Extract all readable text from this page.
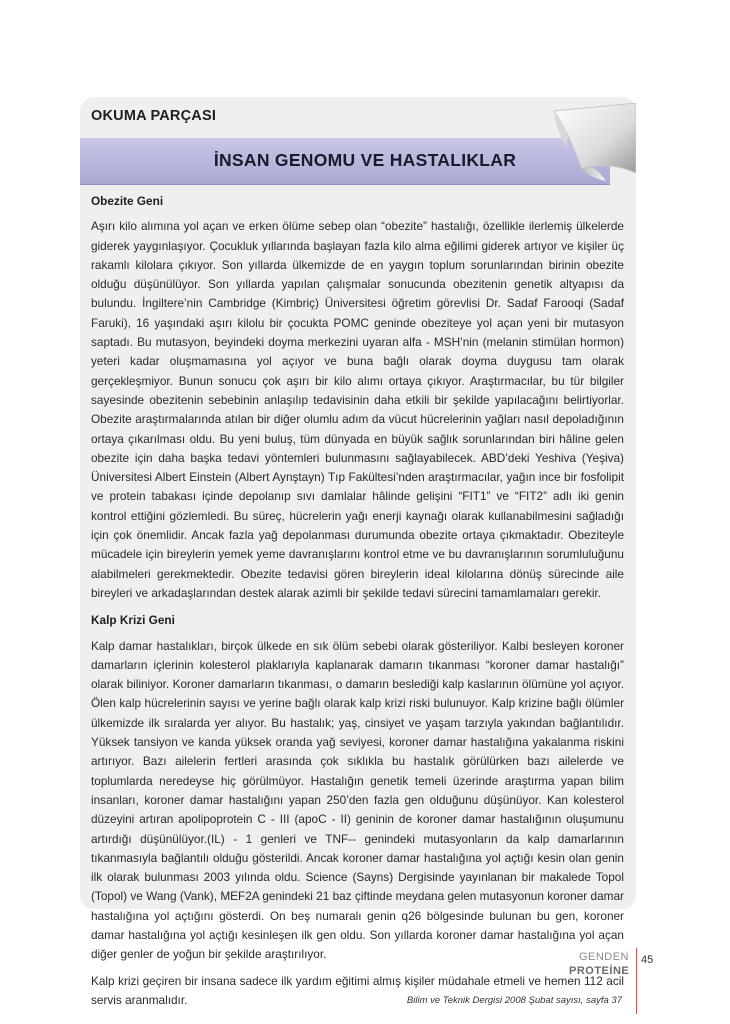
OKUMA PARÇASI
İNSAN GENOMU VE HASTALIKLAR
Obezite Geni

Aşırı kilo alımına yol açan ve erken ölüme sebep olan “obezite” hastalığı, özellikle ilerlemiş ülkelerde giderek yaygınlaşıyor. Çocukluk yıllarında başlayan fazla kilo alma eğilimi giderek artıyor ve kişiler üç rakamlı kilolara çıkıyor. Son yıllarda ülkemizde de en yaygın toplum sorunlarından birinin obezite olduğu düşünülüyor. Son yıllarda yapılan çalışmalar sonucunda obezitenin genetik altyapısı da bulundu. İngiltere’nin Cambridge (Kimbriç) Üniversitesi öğretim görevlisi Dr. Sadaf Farooqi (Sadaf Faruki), 16 yaşındaki aşırı kilolu bir çocukta POMC geninde obeziteye yol açan yeni bir mutasyon saptadı. Bu mutasyon, beyindeki doyma merkezini uyaran alfa - MSH’nin (melanin stimülan hormon) yeteri kadar oluşmamasına yol açıyor ve buna bağlı olarak doyma duygusu tam olarak gerçekleşmiyor. Bunun sonucu çok aşırı bir kilo alımı ortaya çıkıyor. Araştırmacılar, bu tür bilgiler sayesinde obezitenin sebebinin anlaşılıp tedavisinin daha etkili bir şekilde yapılacağını belirtiyorlar. Obezite araştırmalarında atılan bir diğer olumlu adım da vücut hücrelerinin yağları nasıl depoladığının ortaya çıkarılması oldu. Bu yeni buluş, tüm dünyada en büyük sağlık sorunlarından biri hâline gelen obezite için daha başka tedavi yöntemleri bulunmasını sağlayabilecek. ABD’deki Yeshiva (Yeşiva) Üniversitesi Albert Einstein (Albert Aynştayn) Tıp Fakültesi’nden araştırmacılar, yağın ince bir fosfolipit ve protein tabakası içinde depolanıp sıvı damlalar hâlinde gelişini “FIT1” ve “FIT2” adlı iki genin kontrol ettiğini gözlemledi. Bu süreç, hücrelerin yağı enerji kaynağı olarak kullanabilmesini sağladığı için çok önemlidir. Ancak fazla yağ depolanması durumunda obezite ortaya çıkmaktadır. Obeziteyle mücadele için bireylerin yemek yeme davranışlarını kontrol etme ve bu davranışlarının sorumluluğunu alabilmeleri gerekmektedir. Obezite tedavisi gören bireylerin ideal kilolarına dönüş sürecinde aile bireyleri ve arkadaşlarından destek alarak azimli bir şekilde tedavi sürecini tamamlamaları gerekir.

Kalp Krizi Geni

Kalp damar hastalıkları, birçok ülkede en sık ölüm sebebi olarak gösteriliyor. Kalbi besleyen koroner damarların içlerinin kolesterol plaklarıyla kaplanarak damarın tıkanması “koroner damar hastalığı” olarak biliniyor. Koroner damarların tıkanması, o damarın beslediği kalp kaslarının ölümüne yol açıyor. Ölen kalp hücrelerinin sayısı ve yerine bağlı olarak kalp krizi riski bulunuyor. Kalp krizine bağlı ölümler ülkemizde ilk sıralarda yer alıyor. Bu hastalık; yaş, cinsiyet ve yaşam tarzıyla yakından bağlantılıdır. Yüksek tansiyon ve kanda yüksek oranda yağ seviyesi, koroner damar hastalığına yakalanma riskini artırıyor. Bazı ailelerin fertleri arasında çok sıklıkla bu hastalık görülürken bazı ailelerde ve toplumlarda neredeyse hiç görülmüyor. Hastalığın genetik temeli üzerinde araştırma yapan bilim insanları, koroner damar hastalığını yapan 250’den fazla gen olduğunu düşünüyor. Kan kolesterol düzeyini artıran apolipoprotein C - III (apoC - II) geninin de koroner damar hastalığının oluşumunu artırdığı düşünülüyor.(IL) - 1 genleri ve TNF-- genindeki mutasyonların da kalp damarlarının tıkanmasıyla bağlantılı olduğu gösterildi. Ancak koroner damar hastalığına yol açtığı kesin olan genin ilk olarak bulunması 2003 yılında oldu. Science (Sayns) Dergisinde yayınlanan bir makalede Topol (Topol) ve Wang (Vank), MEF2A genindeki 21 baz çiftinde meydana gelen mutasyonun koroner damar hastalığına yol açtığını gösterdi. On beş numaralı genin q26 bölgesinde bulunan bu gen, koroner damar hastalığına yol açtığı kesinleşen ilk gen oldu. Son yıllarda koroner damar hastalığına yol açan diğer genler de yoğun bir şekilde araştırılıyor.

Kalp krizi geçiren bir insana sadece ilk yardım eğitimi almış kişiler müdahale etmeli ve hemen 112 acil servis aranmalıdır.	Bilim ve Teknik Dergisi 2008 Şubat sayısı, sayfa 37
GENDEN
PROTEİNE
45
